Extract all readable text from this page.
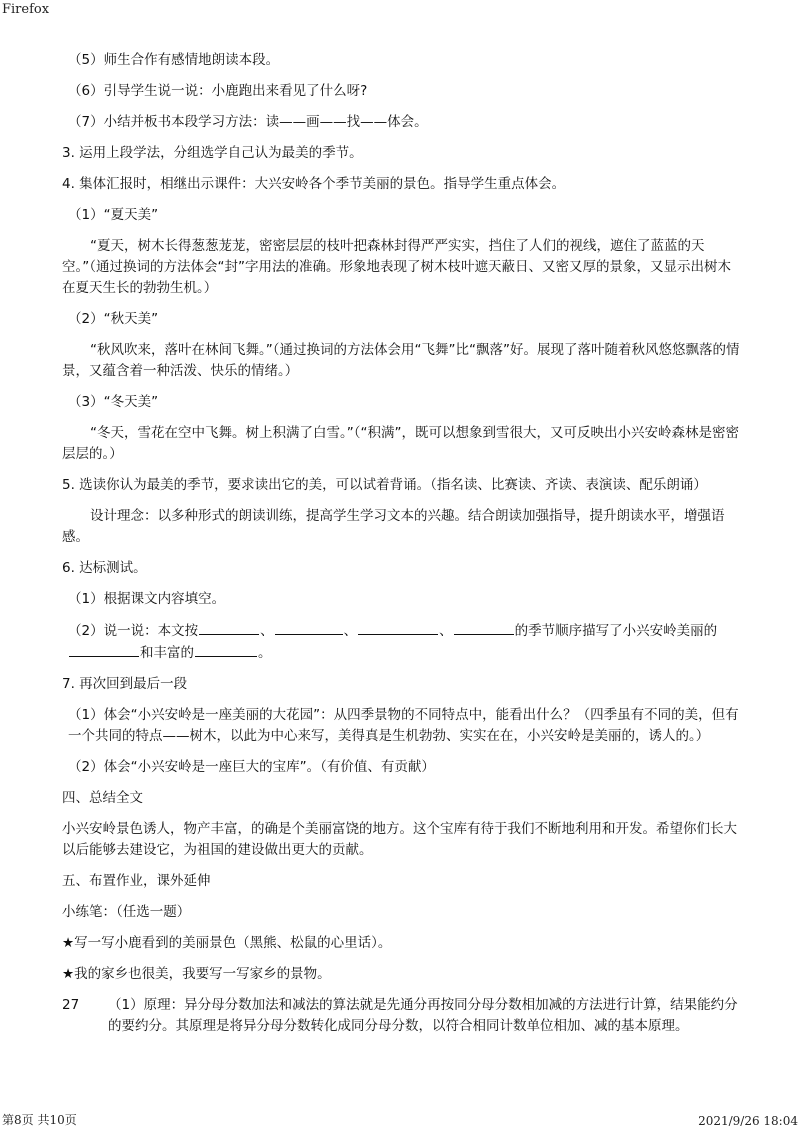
Firefox

（5）师生合作有感情地朗读本段。

（6）引导学生说一说：小鹿跑出来看见了什么呀?

（7）小结并板书本段学习方法：读——画——找——体会。

3. 运用上段学法，分组选学自己认为最美的季节。

4. 集体汇报时，相继出示课件：大兴安岭各个季节美丽的景色。指导学生重点体会。

（1）“夏天美”

“夏天，树木长得葱葱茏茏，密密层层的枝叶把森林封得严严实实，挡住了人们的视线，遮住了蓝蓝的天空。”（通过换词的方法体会“封”字用法的准确。形象地表现了树木枝叶遮天蔽日、又密又厚的景象，又显示出树木在夏天生长的勃勃生机。）

（2）“秋天美”

“秋风吹来，落叶在林间飞舞。”（通过换词的方法体会用“飞舞”比“飘落”好。展现了落叶随着秋风悠悠飘落的情景，又蕴含着一种活泼、快乐的情绪。）

（3）“冬天美”

“冬天，雪花在空中飞舞。树上积满了白雪。”（“积满”，既可以想象到雪很大，又可反映出小兴安岭森林是密密层层的。）

5. 选读你认为最美的季节，要求读出它的美，可以试着背诵。（指名读、比赛读、齐读、表演读、配乐朗诵）

设计理念：以多种形式的朗读训练，提高学生学习文本的兴趣。结合朗读加强指导，提升朗读水平，增强语感。

6. 达标测试。

（1）根据课文内容填空。

（2）说一说：本文按	、	、	、	的季节顺序描写了小兴安岭美丽的和丰富的	。

7. 再次回到最后一段

（1）体会“小兴安岭是一座美丽的大花园”：从四季景物的不同特点中，能看出什么？（四季虽有不同的美，但有一个共同的特点——树木，以此为中心来写，美得真是生机勃勃、实实在在，小兴安岭是美丽的，诱人的。）

（2）体会“小兴安岭是一座巨大的宝库”。（有价值、有贡献）

四、总结全文

小兴安岭景色诱人，物产丰富，的确是个美丽富饶的地方。这个宝库有待于我们不断地利用和开发。希望你们长大以后能够去建设它，为祖国的建设做出更大的贡献。

五、布置作业，课外延伸

小练笔：（任选一题）

★写一写小鹿看到的美丽景色（黑熊、松鼠的心里话）。

★我的家乡也很美，我要写一写家乡的景物。

27	（1）原理：异分母分数加法和减法的算法就是先通分再按同分母分数相加减的方法进行计算，结果能约分的要约分。其原理是将异分母分数转化成同分母分数，以符合相同计数单位相加、减的基本原理。
第8页 共10页	2021/9/26 18:04
